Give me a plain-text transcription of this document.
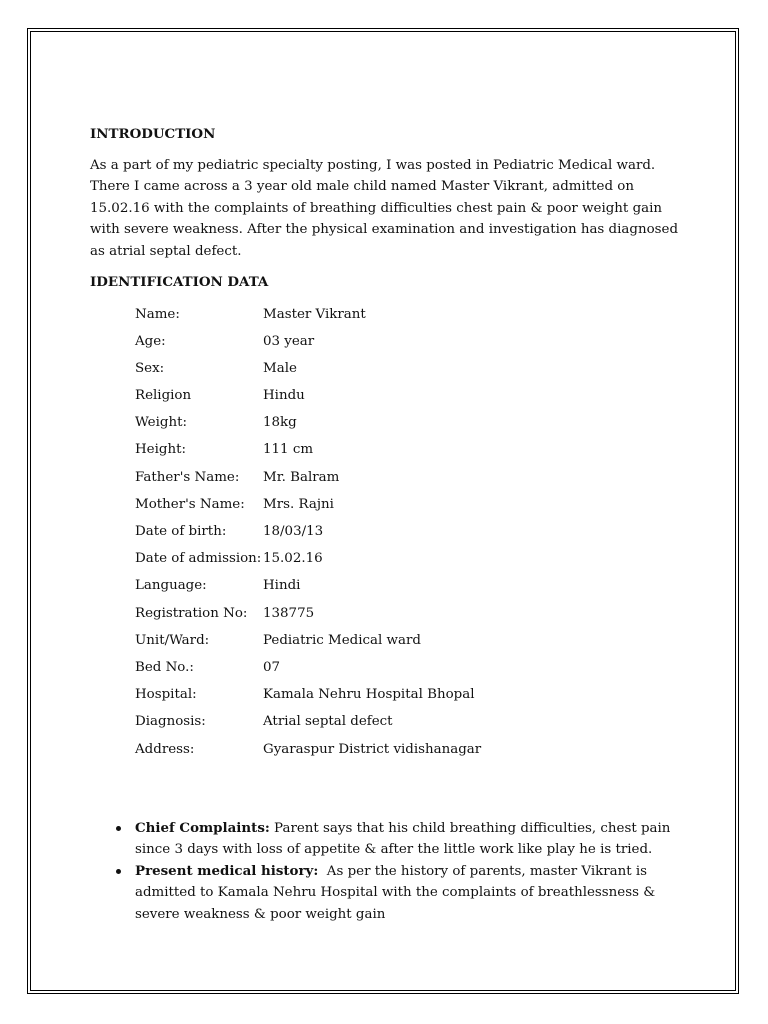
INTRODUCTION

As a part of my pediatric specialty posting, I was posted in Pediatric Medical ward. There I came across a 3 year old male child named Master Vikrant, admitted on 15.02.16 with the complaints of breathing difficulties chest pain & poor weight gain with severe weakness. After the physical examination and investigation has diagnosed as atrial septal defect.

IDENTIFICATION DATA

Name:	Master Vikrant
Age:	03 year
Sex:	Male
Religion	Hindu
Weight:	18kg
Height:	111 cm
Father's Name:	Mr. Balram
Mother's Name:	Mrs. Rajni
Date of birth:	18/03/13
Date of admission:	15.02.16
Language:	Hindi
Registration No:	138775
Unit/Ward:	Pediatric Medical ward
Bed No.:	07
Hospital:	Kamala Nehru Hospital Bhopal
Diagnosis:	Atrial septal defect
Address:	Gyaraspur District vidishanagar
Chief Complaints: Parent says that his child breathing difficulties, chest pain since 3 days with loss of appetite & after the little work like play he is tried.
Present medical history:  As per the history of parents, master Vikrant is admitted to Kamala Nehru Hospital with the complaints of breathlessness & severe weakness & poor weight gain
